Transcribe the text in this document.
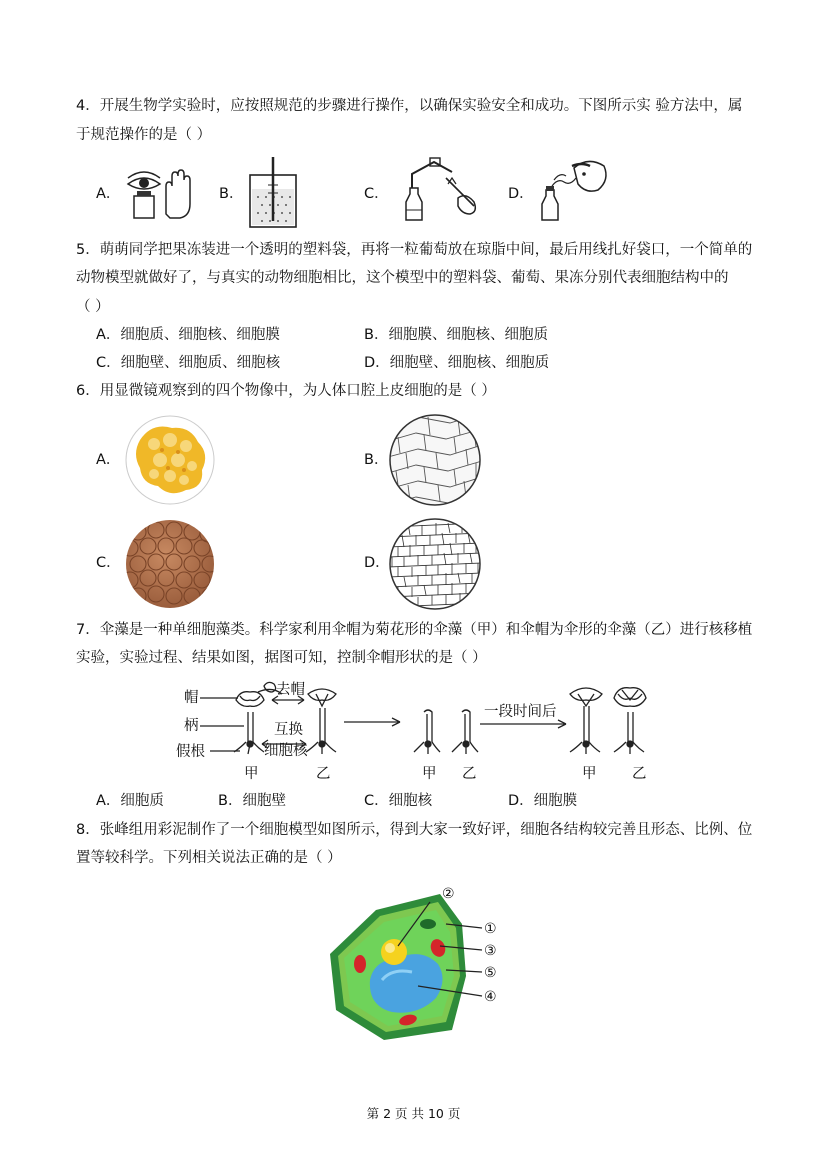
4．开展生物学实验时，应按照规范的步骤进行操作，以确保实验安全和成功。下图所示实 验方法中，属
于规范操作的是（ ）
A．	B．	C．	D．
5．萌萌同学把果冻装进一个透明的塑料袋，再将一粒葡萄放在琼脂中间，最后用线扎好袋口，一个简单的
动物模型就做好了，与真实的动物细胞相比，这个模型中的塑料袋、葡萄、果冻分别代表细胞结构中的
（ ）
A．细胞质、细胞核、细胞膜	B．细胞膜、细胞核、细胞质
C．细胞壁、细胞质、细胞核	D．细胞壁、细胞核、细胞质
6．用显微镜观察到的四个物像中，为人体口腔上皮细胞的是（ ）
A．	B．
C．	D．
7．伞藻是一种单细胞藻类。科学家利用伞帽为菊花形的伞藻（甲）和伞帽为伞形的伞藻（乙）进行核移植
实验，实验过程、结果如图，据图可知，控制伞帽形状的是（ ）
帽
柄
假根
去帽
互换
细胞核
一段时间后
甲	乙	甲 乙	甲 乙
A．细胞质	B．细胞壁	C．细胞核	D．细胞膜
8．张峰组用彩泥制作了一个细胞模型如图所示，得到大家一致好评，细胞各结构较完善且形态、比例、位
置等较科学。下列相关说法正确的是（ ）
②
①
③
⑤
④
第 2 页 共 10 页
